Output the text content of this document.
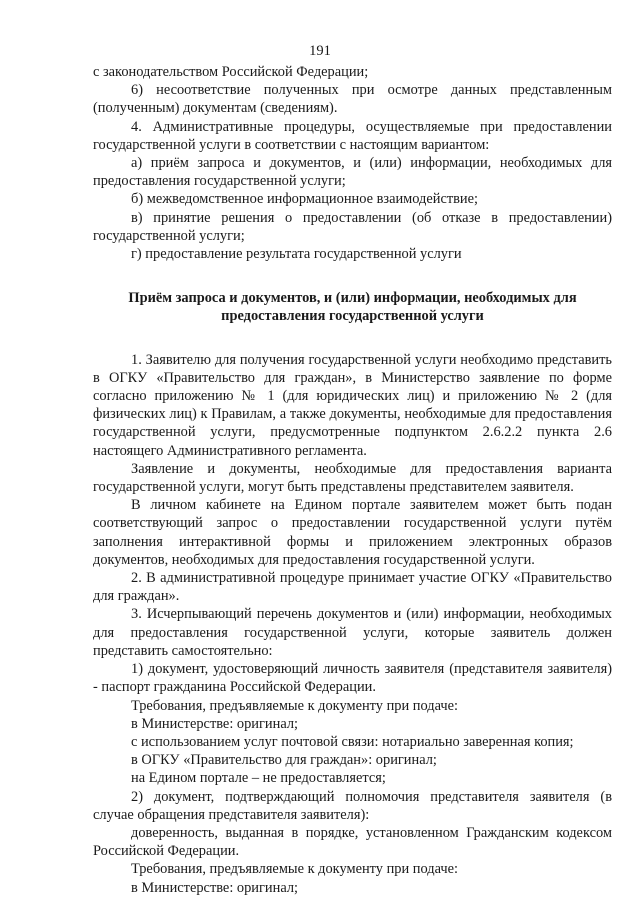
191

с законодательством Российской Федерации;

6) несоответствие полученных при осмотре данных представленным (полученным) документам (сведениям).

4. Административные процедуры, осуществляемые при предоставлении государственной услуги в соответствии с настоящим вариантом:

а) приём запроса и документов, и (или) информации, необходимых для предоставления государственной услуги;

б) межведомственное информационное взаимодействие;

в) принятие решения о предоставлении (об отказе в предоставлении) государственной услуги;

г) предоставление результата государственной услуги

Приём запроса и документов, и (или) информации, необходимых для
предоставления государственной услуги

1. Заявителю для получения государственной услуги необходимо представить в ОГКУ «Правительство для граждан», в Министерство заявление по форме согласно приложению № 1 (для юридических лиц) и приложению № 2 (для физических лиц) к Правилам, а также документы, необходимые для предоставления государственной услуги, предусмотренные подпунктом 2.6.2.2 пункта 2.6 настоящего Административного регламента.

Заявление и документы, необходимые для предоставления варианта государственной услуги, могут быть представлены представителем заявителя.

В личном кабинете на Едином портале заявителем может быть подан соответствующий запрос о предоставлении государственной услуги путём заполнения интерактивной формы и приложением электронных образов документов, необходимых для предоставления государственной услуги.

2. В административной процедуре принимает участие ОГКУ «Правительство для граждан».

3. Исчерпывающий перечень документов и (или) информации, необходимых для предоставления государственной услуги, которые заявитель должен представить самостоятельно:

1) документ, удостоверяющий личность заявителя (представителя заявителя) - паспорт гражданина Российской Федерации.

Требования, предъявляемые к документу при подаче:

в Министерстве: оригинал;

с использованием услуг почтовой связи: нотариально заверенная копия;

в ОГКУ «Правительство для граждан»: оригинал;

на Едином портале – не предоставляется;

2) документ, подтверждающий полномочия представителя заявителя (в случае обращения представителя заявителя):

доверенность, выданная в порядке, установленном Гражданским кодексом Российской Федерации.

Требования, предъявляемые к документу при подаче:

в Министерстве: оригинал;
